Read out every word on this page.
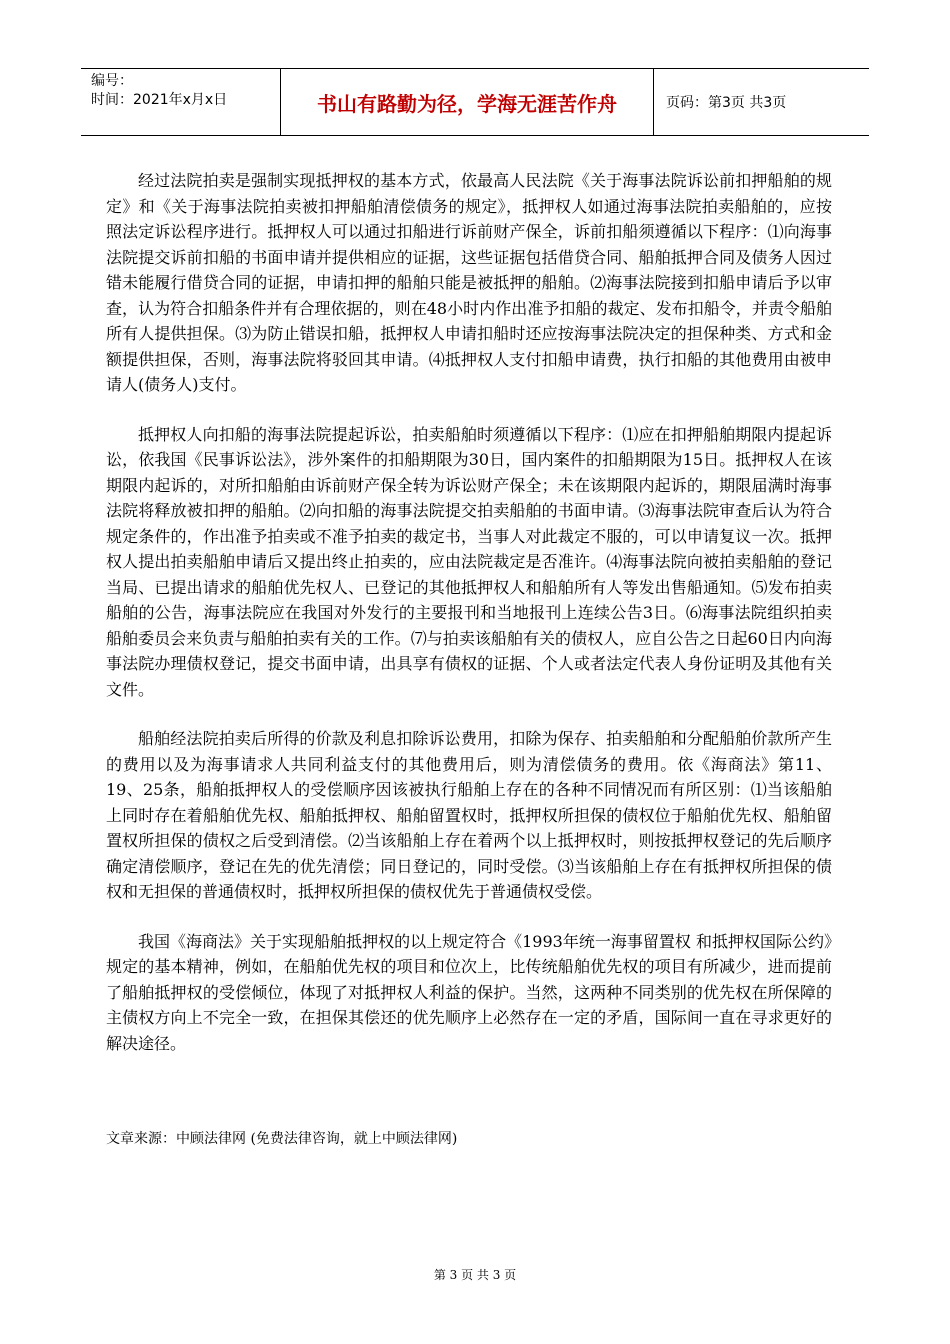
编号：
时间：2021年x月x日	书山有路勤为径，学海无涯苦作舟	页码：第3页 共3页

经过法院拍卖是强制实现抵押权的基本方式，依最高人民法院《关于海事法院诉讼前扣押船舶的规定》和《关于海事法院拍卖被扣押船舶清偿债务的规定》，抵押权人如通过海事法院拍卖船舶的，应按照法定诉讼程序进行。抵押权人可以通过扣船进行诉前财产保全，诉前扣船须遵循以下程序：⑴向海事法院提交诉前扣船的书面申请并提供相应的证据，这些证据包括借贷合同、船舶抵押合同及债务人因过错未能履行借贷合同的证据，申请扣押的船舶只能是被抵押的船舶。⑵海事法院接到扣船申请后予以审查，认为符合扣船条件并有合理依据的，则在48小时内作出准予扣船的裁定、发布扣船令，并责令船舶所有人提供担保。⑶为防止错误扣船，抵押权人申请扣船时还应按海事法院决定的担保种类、方式和金额提供担保，否则，海事法院将驳回其申请。⑷抵押权人支付扣船申请费，执行扣船的其他费用由被申请人(债务人)支付。

抵押权人向扣船的海事法院提起诉讼，拍卖船舶时须遵循以下程序：⑴应在扣押船舶期限内提起诉讼，依我国《民事诉讼法》，涉外案件的扣船期限为30日，国内案件的扣船期限为15日。抵押权人在该期限内起诉的，对所扣船舶由诉前财产保全转为诉讼财产保全；未在该期限内起诉的，期限届满时海事法院将释放被扣押的船舶。⑵向扣船的海事法院提交拍卖船舶的书面申请。⑶海事法院审查后认为符合规定条件的，作出准予拍卖或不准予拍卖的裁定书，当事人对此裁定不服的，可以申请复议一次。抵押权人提出拍卖船舶申请后又提出终止拍卖的，应由法院裁定是否准许。⑷海事法院向被拍卖船舶的登记当局、已提出请求的船舶优先权人、已登记的其他抵押权人和船舶所有人等发出售船通知。⑸发布拍卖船舶的公告，海事法院应在我国对外发行的主要报刊和当地报刊上连续公告3日。⑹海事法院组织拍卖船舶委员会来负责与船舶拍卖有关的工作。⑺与拍卖该船舶有关的债权人，应自公告之日起60日内向海事法院办理债权登记，提交书面申请，出具享有债权的证据、个人或者法定代表人身份证明及其他有关文件。

船舶经法院拍卖后所得的价款及利息扣除诉讼费用，扣除为保存、拍卖船舶和分配船舶价款所产生的费用以及为海事请求人共同利益支付的其他费用后，则为清偿债务的费用。依《海商法》第11、19、25条，船舶抵押权人的受偿顺序因该被执行船舶上存在的各种不同情况而有所区别：⑴当该船舶上同时存在着船舶优先权、船舶抵押权、船舶留置权时，抵押权所担保的债权位于船舶优先权、船舶留置权所担保的债权之后受到清偿。⑵当该船舶上存在着两个以上抵押权时，则按抵押权登记的先后顺序确定清偿顺序，登记在先的优先清偿；同日登记的，同时受偿。⑶当该船舶上存在有抵押权所担保的债权和无担保的普通债权时，抵押权所担保的债权优先于普通债权受偿。

我国《海商法》关于实现船舶抵押权的以上规定符合《1993年统一海事留置权 和抵押权国际公约》规定的基本精神，例如，在船舶优先权的项目和位次上，比传统船舶优先权的项目有所减少，进而提前了船舶抵押权的受偿倾位，体现了对抵押权人利益的保护。当然，这两种不同类别的优先权在所保障的主债权方向上不完全一致，在担保其偿还的优先顺序上必然存在一定的矛盾，国际间一直在寻求更好的解决途径。

文章来源：中顾法律网 (免费法律咨询，就上中顾法律网)
第 3 页 共 3 页
